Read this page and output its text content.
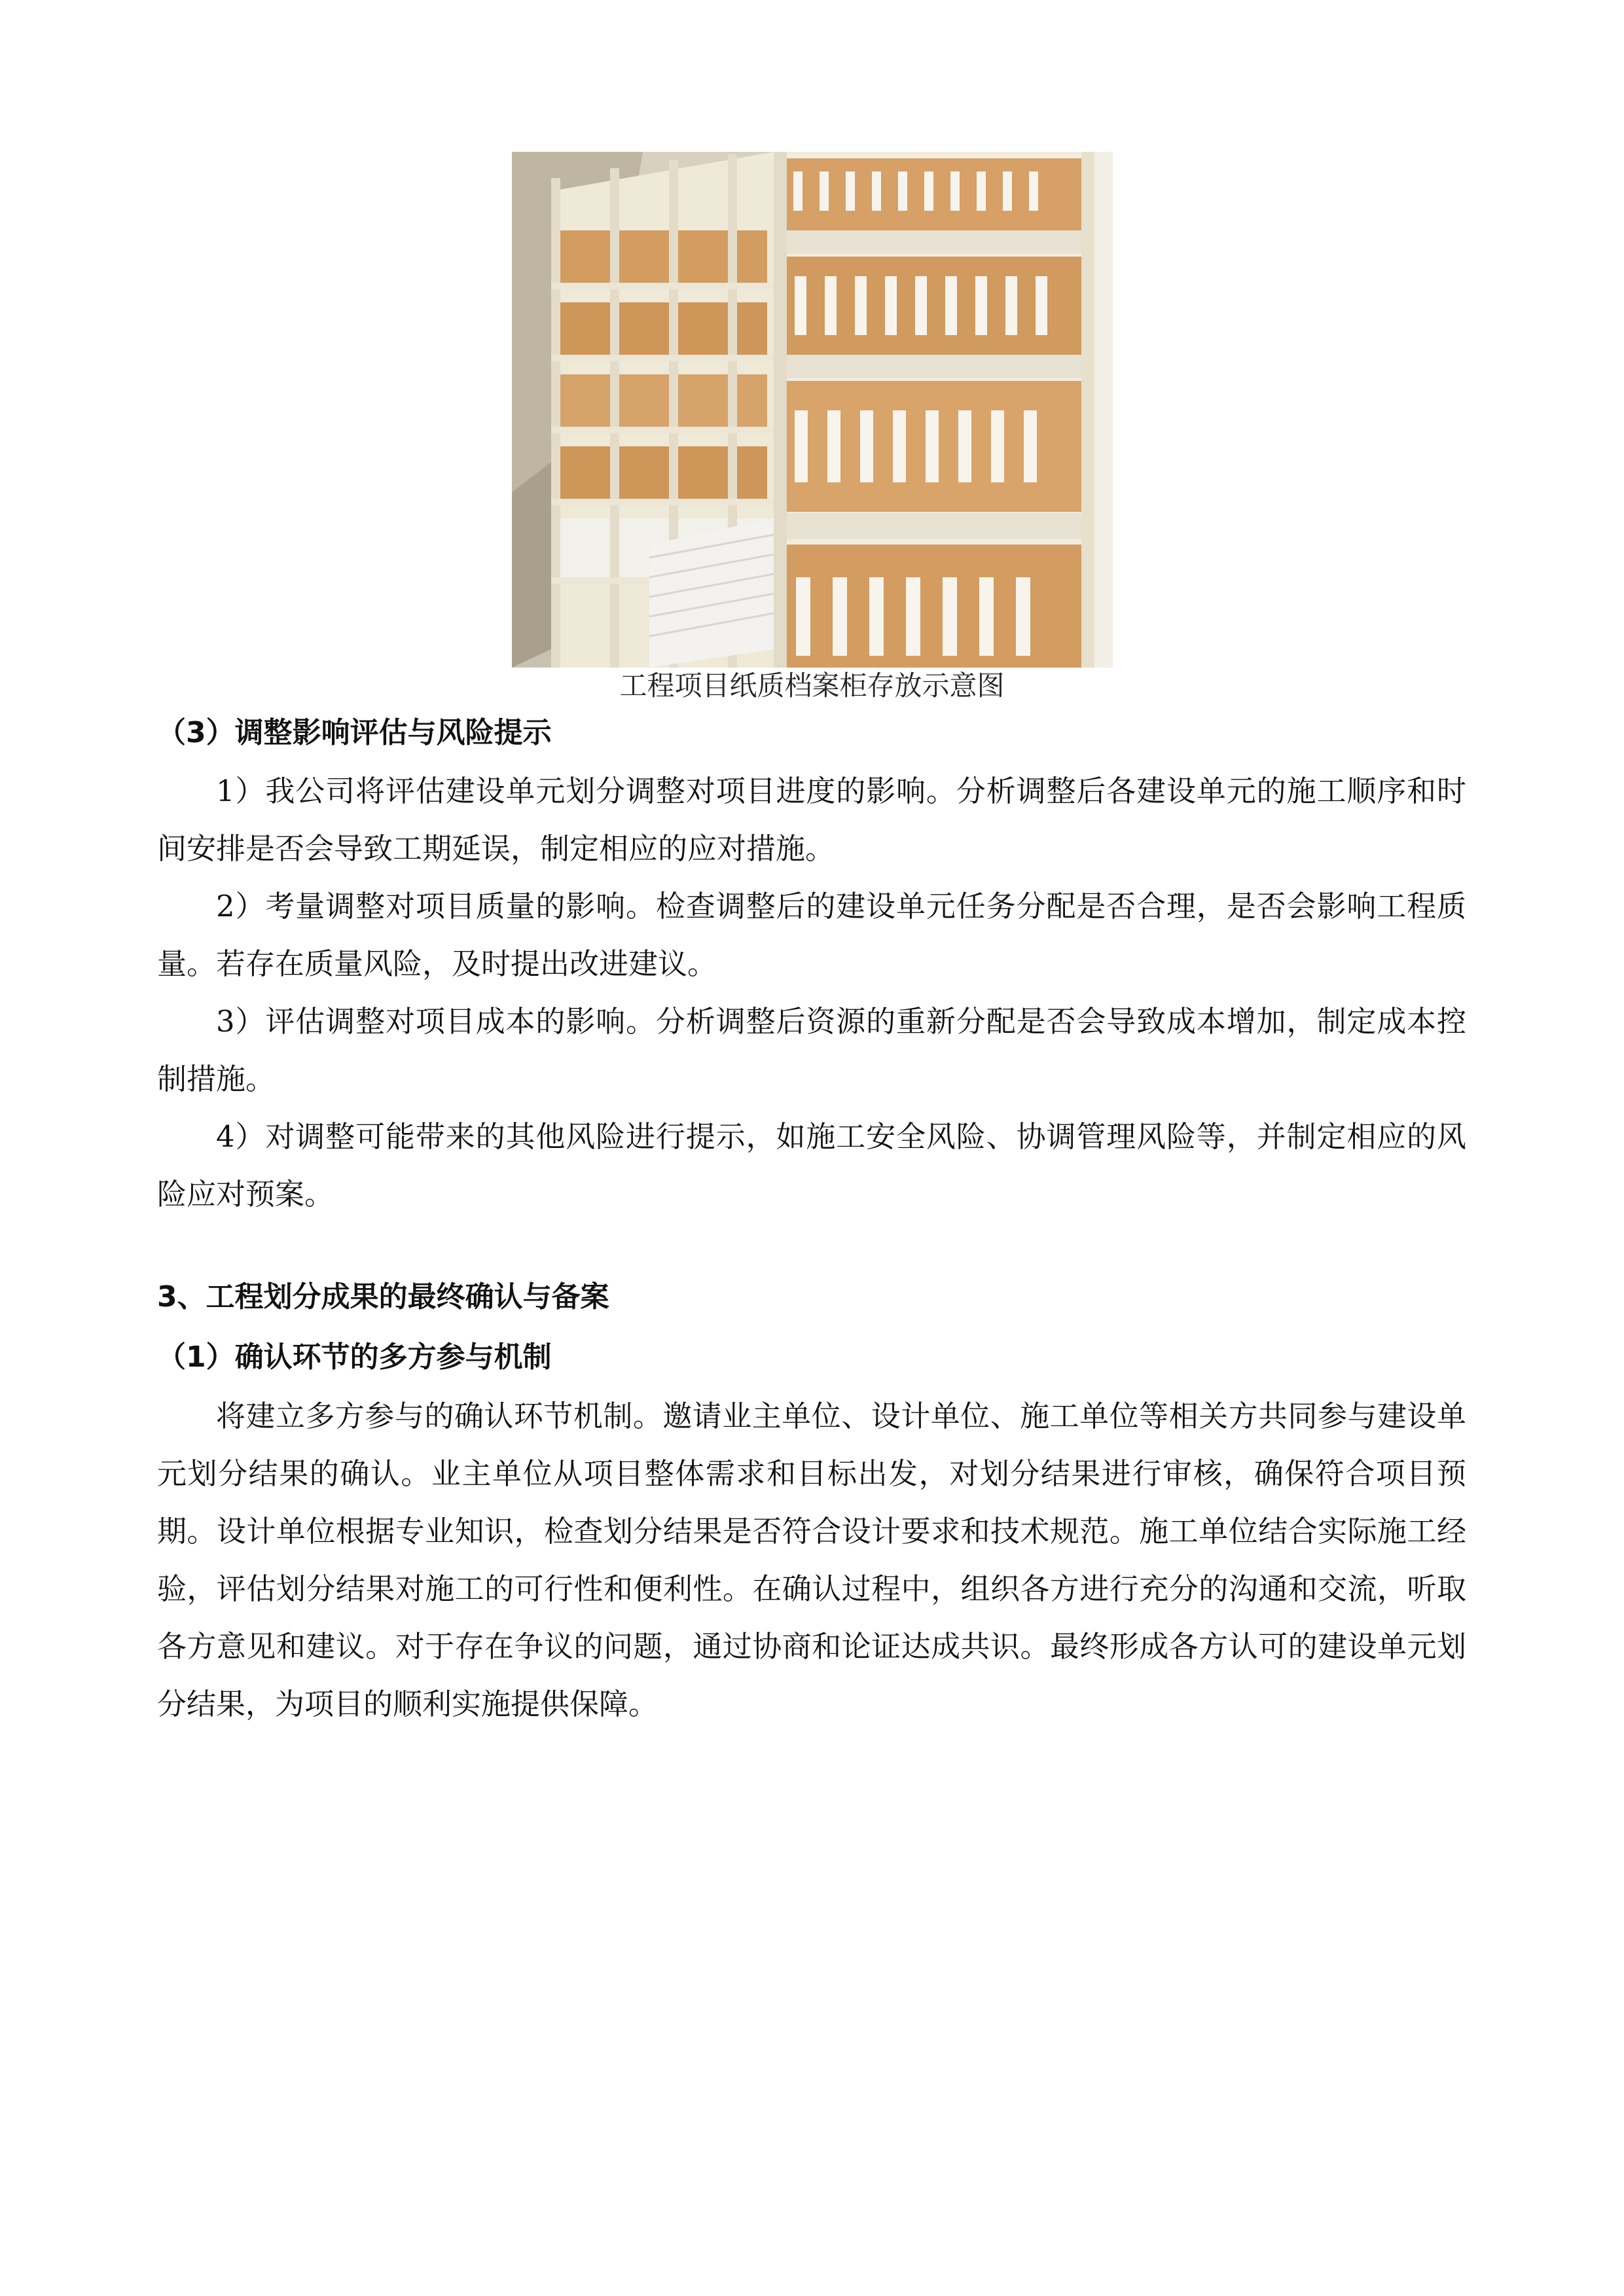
工程项目纸质档案柜存放示意图
（3）调整影响评估与风险提示

1）我公司将评估建设单元划分调整对项目进度的影响。分析调整后各建设单元的施工顺序和时间安排是否会导致工期延误，制定相应的应对措施。

2）考量调整对项目质量的影响。检查调整后的建设单元任务分配是否合理，是否会影响工程质量。若存在质量风险，及时提出改进建议。

3）评估调整对项目成本的影响。分析调整后资源的重新分配是否会导致成本增加，制定成本控制措施。

4）对调整可能带来的其他风险进行提示，如施工安全风险、协调管理风险等，并制定相应的风险应对预案。

3、工程划分成果的最终确认与备案
（1）确认环节的多方参与机制

将建立多方参与的确认环节机制。邀请业主单位、设计单位、施工单位等相关方共同参与建设单元划分结果的确认。业主单位从项目整体需求和目标出发，对划分结果进行审核，确保符合项目预期。设计单位根据专业知识，检查划分结果是否符合设计要求和技术规范。施工单位结合实际施工经验，评估划分结果对施工的可行性和便利性。在确认过程中，组织各方进行充分的沟通和交流，听取各方意见和建议。对于存在争议的问题，通过协商和论证达成共识。最终形成各方认可的建设单元划分结果，为项目的顺利实施提供保障。
